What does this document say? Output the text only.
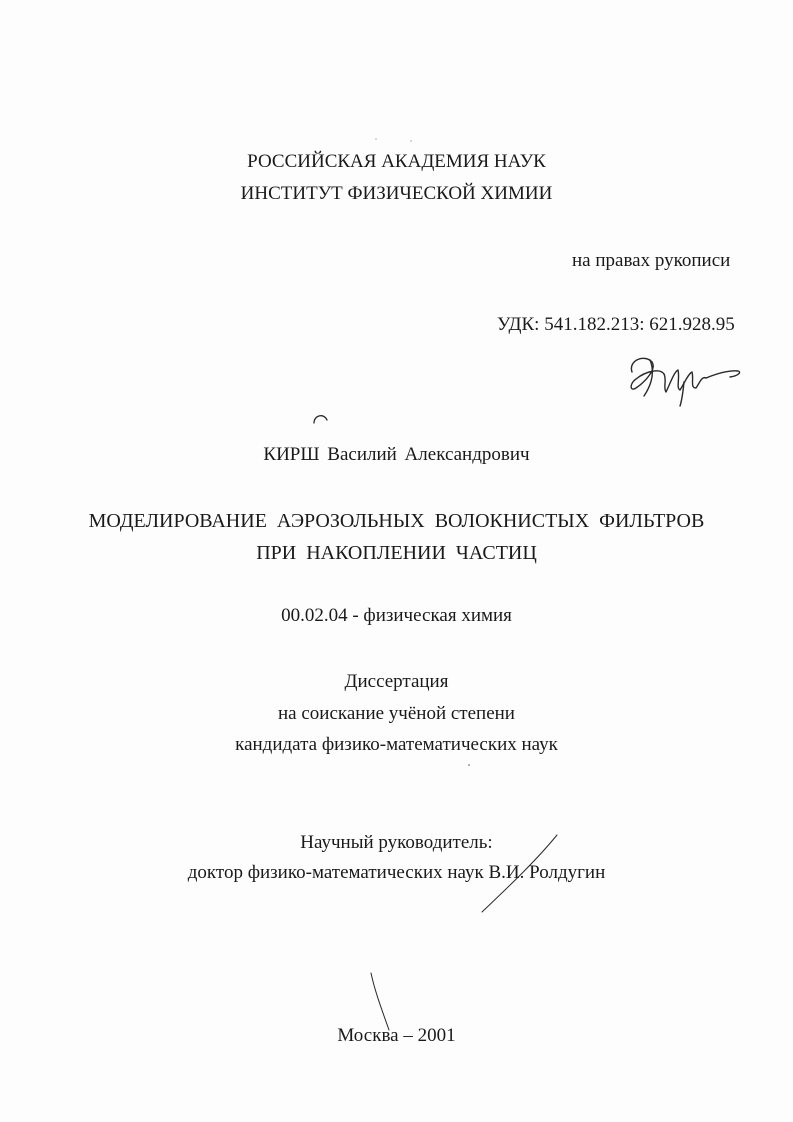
РОССИЙСКАЯ АКАДЕМИЯ НАУК
ИНСТИТУТ ФИЗИЧЕСКОЙ ХИМИИ
на правах рукописи
УДК: 541.182.213: 621.928.95
КИРШ Василий Александрович
МОДЕЛИРОВАНИЕ АЭРОЗОЛЬНЫХ ВОЛОКНИСТЫХ ФИЛЬТРОВ
ПРИ НАКОПЛЕНИИ ЧАСТИЦ
00.02.04 - физическая химия
Диссертация
на соискание учёной степени
кандидата физико-математических наук
Научный руководитель:
доктор физико-математических наук В.И. Ролдугин
Москва – 2001
